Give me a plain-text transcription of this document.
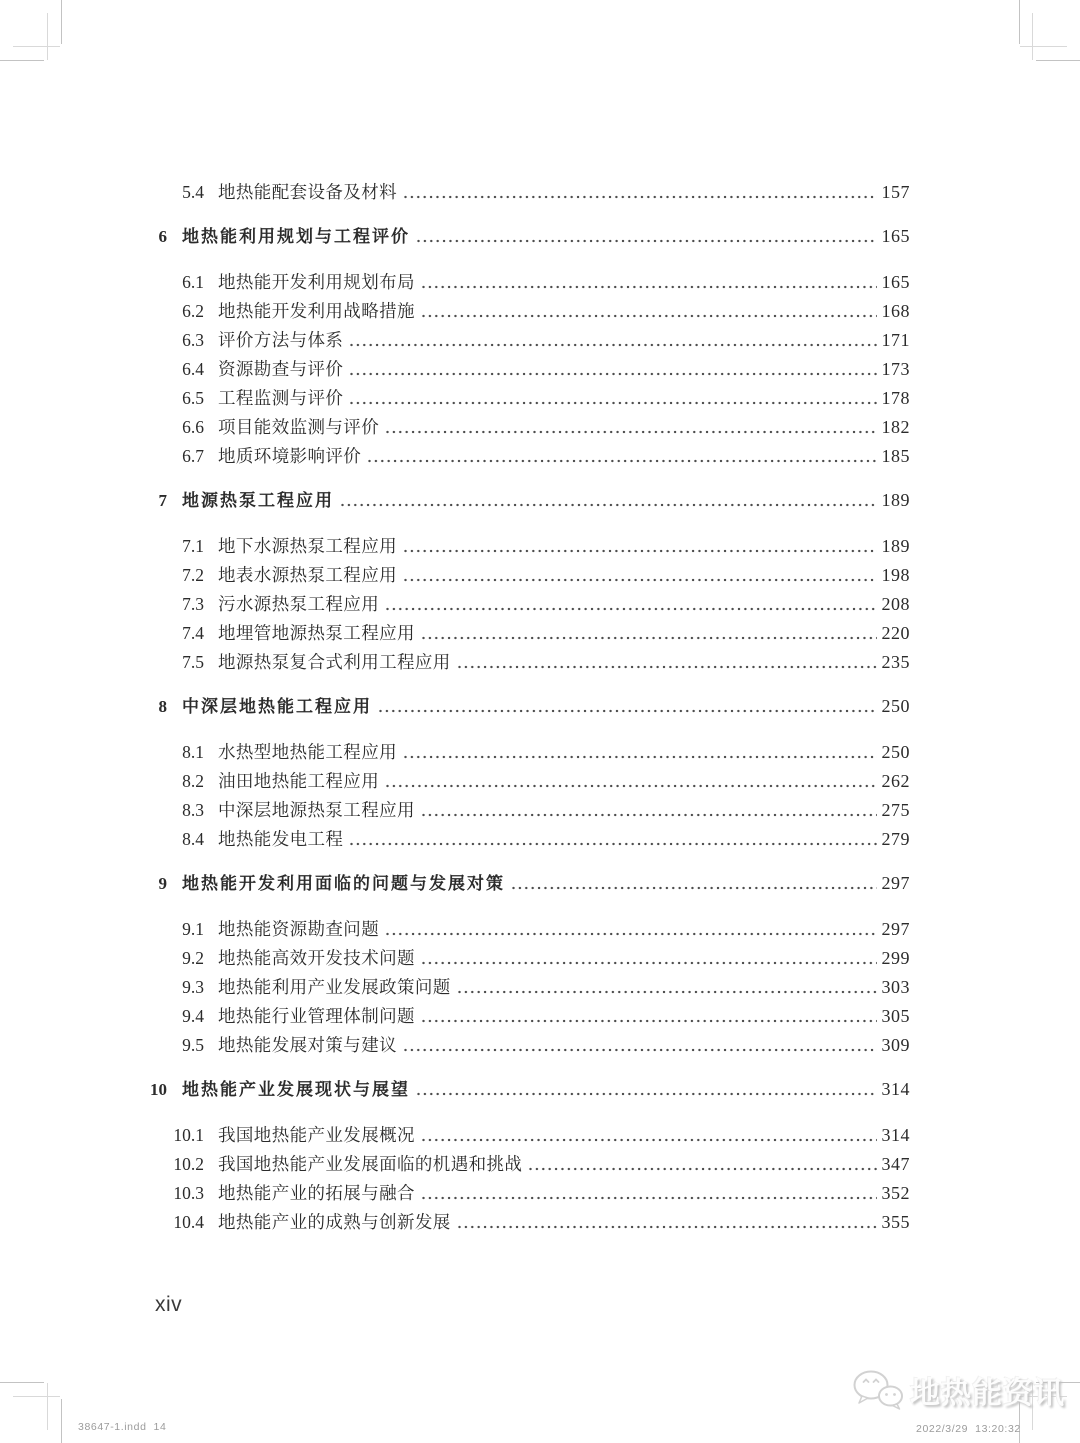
5.4 地热能配套设备及材料	157
6 地热能利用规划与工程评价	165
6.1 地热能开发利用规划布局	165
6.2 地热能开发利用战略措施	168
6.3 评价方法与体系	171
6.4 资源勘查与评价	173
6.5 工程监测与评价	178
6.6 项目能效监测与评价	182
6.7 地质环境影响评价	185
7 地源热泵工程应用	189
7.1 地下水源热泵工程应用	189
7.2 地表水源热泵工程应用	198
7.3 污水源热泵工程应用	208
7.4 地埋管地源热泵工程应用	220
7.5 地源热泵复合式利用工程应用	235
8 中深层地热能工程应用	250
8.1 水热型地热能工程应用	250
8.2 油田地热能工程应用	262
8.3 中深层地源热泵工程应用	275
8.4 地热能发电工程	279
9 地热能开发利用面临的问题与发展对策	297
9.1 地热能资源勘查问题	297
9.2 地热能高效开发技术问题	299
9.3 地热能利用产业发展政策问题	303
9.4 地热能行业管理体制问题	305
9.5 地热能发展对策与建议	309
10 地热能产业发展现状与展望	314
10.1 我国地热能产业发展概况	314
10.2 我国地热能产业发展面临的机遇和挑战	347
10.3 地热能产业的拓展与融合	352
10.4 地热能产业的成熟与创新发展	355
xiv
38647-1.indd  14	2022/3/29  13:20:32
地热能资讯
